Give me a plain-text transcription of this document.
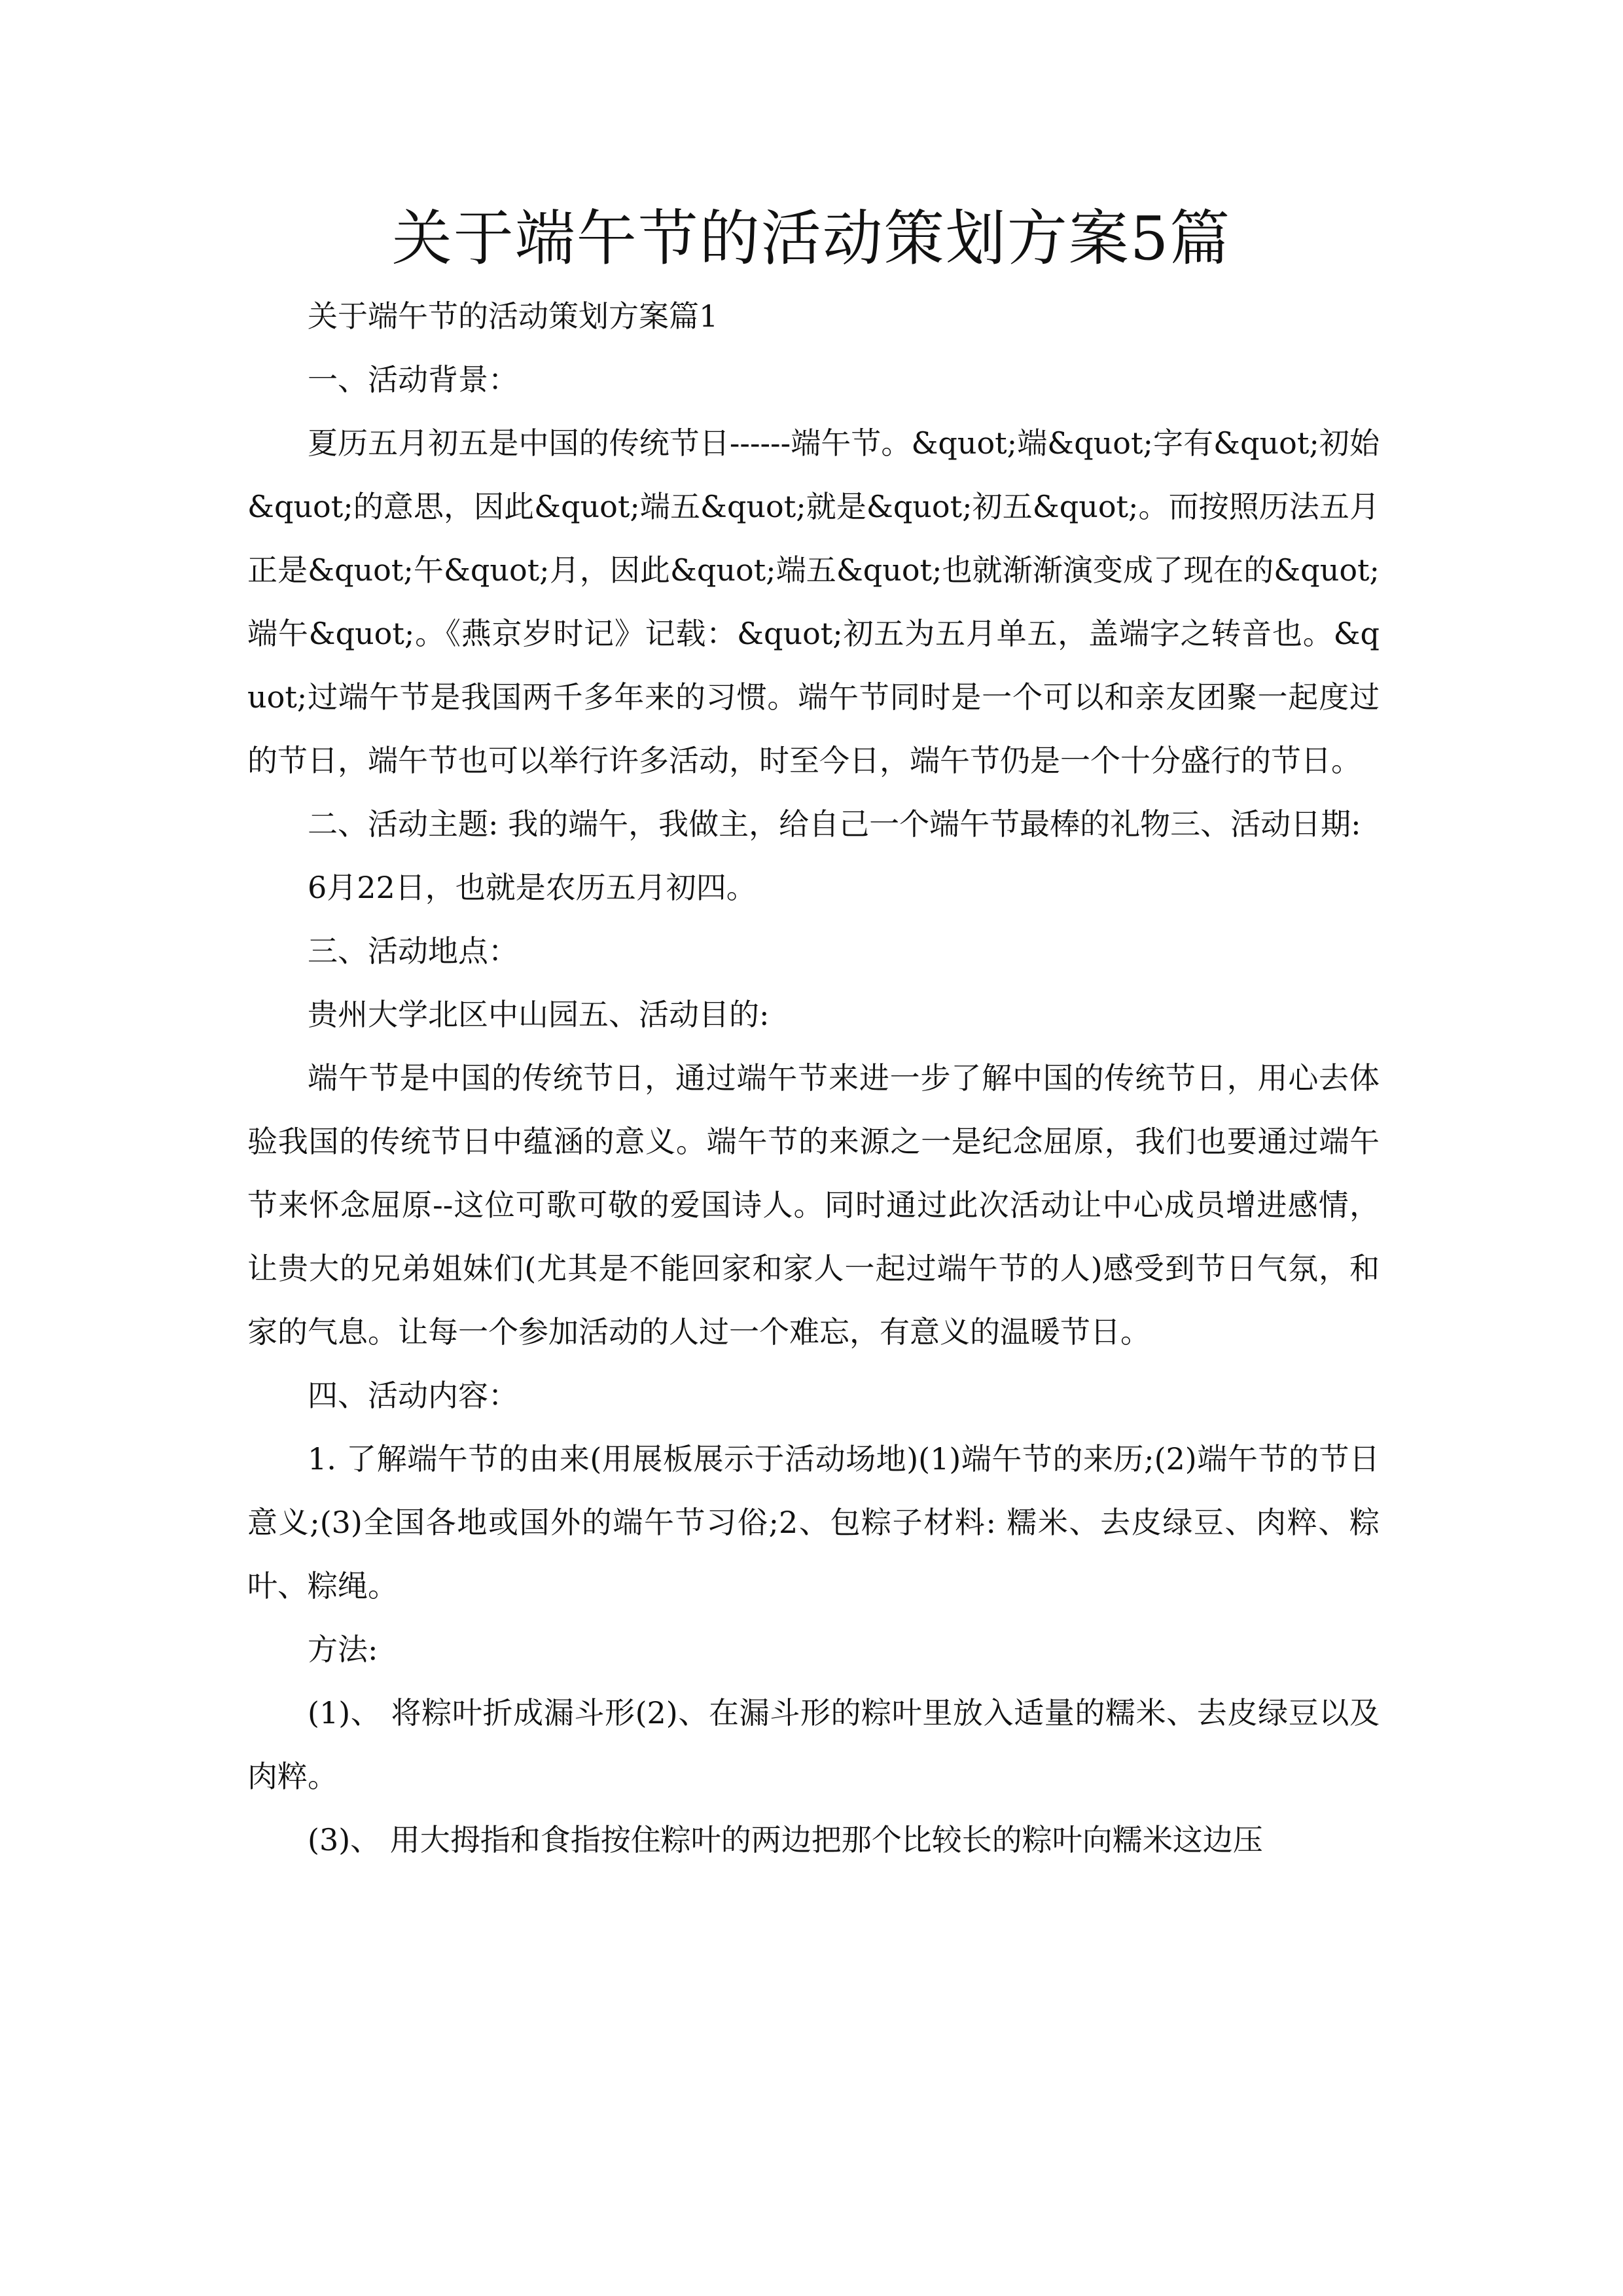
关于端午节的活动策划方案5篇

关于端午节的活动策划方案篇1

一、活动背景：

夏历五月初五是中国的传统节日------端午节。&quot;端&quot;字有&quot;初始&quot;的意思，因此&quot;端五&quot;就是&quot;初五&quot;。而按照历法五月正是&quot;午&quot;月，因此&quot;端五&quot;也就渐渐演变成了现在的&quot;端午&quot;。《燕京岁时记》记载：&quot;初五为五月单五，盖端字之转音也。&quot;过端午节是我国两千多年来的习惯。端午节同时是一个可以和亲友团聚一起度过的节日，端午节也可以举行许多活动，时至今日，端午节仍是一个十分盛行的节日。

二、活动主题: 我的端午，我做主，给自己一个端午节最棒的礼物三、活动日期:

6月22日，也就是农历五月初四。

三、活动地点：

贵州大学北区中山园五、活动目的:

端午节是中国的传统节日，通过端午节来进一步了解中国的传统节日，用心去体验我国的传统节日中蕴涵的意义。端午节的来源之一是纪念屈原，我们也要通过端午节来怀念屈原--这位可歌可敬的爱国诗人。同时通过此次活动让中心成员增进感情，让贵大的兄弟姐妹们(尤其是不能回家和家人一起过端午节的人)感受到节日气氛，和家的气息。让每一个参加活动的人过一个难忘，有意义的温暖节日。

四、活动内容：

1. 了解端午节的由来(用展板展示于活动场地)(1)端午节的来历;(2)端午节的节日意义;(3)全国各地或国外的端午节习俗;2、包粽子材料: 糯米、去皮绿豆、肉粹、粽叶、粽绳。

方法:

(1)、 将粽叶折成漏斗形(2)、在漏斗形的粽叶里放入适量的糯米、去皮绿豆以及肉粹。

(3)、 用大拇指和食指按住粽叶的两边把那个比较长的粽叶向糯米这边压
